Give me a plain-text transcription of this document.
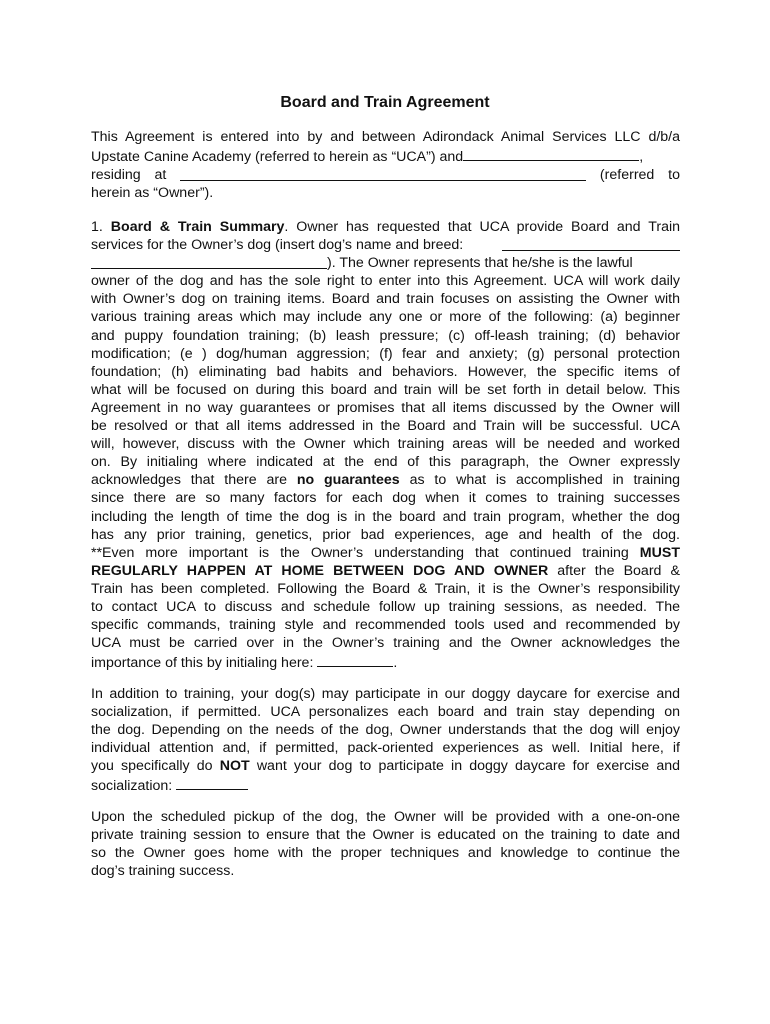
Board and Train Agreement
This Agreement is entered into by and between Adirondack Animal Services LLC d/b/a
Upstate Canine Academy (referred to herein as “UCA”) and	,
residing at	(referred to
herein as “Owner”).
1. Board & Train Summary. Owner has requested that UCA provide Board and Train
services for the Owner’s dog (insert dog’s name and breed:
). The Owner represents that he/she is the lawful
owner of the dog and has the sole right to enter into this Agreement. UCA will work daily
with Owner’s dog on training items. Board and train focuses on assisting the Owner with
various training areas which may include any one or more of the following: (a) beginner
and puppy foundation training; (b) leash pressure; (c) off-leash training; (d) behavior
modification; (e ) dog/human aggression; (f) fear and anxiety; (g) personal protection
foundation; (h) eliminating bad habits and behaviors. However, the specific items of
what will be focused on during this board and train will be set forth in detail below. This
Agreement in no way guarantees or promises that all items discussed by the Owner will
be resolved or that all items addressed in the Board and Train will be successful. UCA
will, however, discuss with the Owner which training areas will be needed and worked
on. By initialing where indicated at the end of this paragraph, the Owner expressly
acknowledges that there are no guarantees as to what is accomplished in training
since there are so many factors for each dog when it comes to training successes
including the length of time the dog is in the board and train program, whether the dog
has any prior training, genetics, prior bad experiences, age and health of the dog.
**Even more important is the Owner’s understanding that continued training MUST
REGULARLY HAPPEN AT HOME BETWEEN DOG AND OWNER after the Board &
Train has been completed. Following the Board & Train, it is the Owner’s responsibility
to contact UCA to discuss and schedule follow up training sessions, as needed. The
specific commands, training style and recommended tools used and recommended by
UCA must be carried over in the Owner’s training and the Owner acknowledges the
importance of this by initialing here:	.
In addition to training, your dog(s) may participate in our doggy daycare for exercise and
socialization, if permitted. UCA personalizes each board and train stay depending on
the dog. Depending on the needs of the dog, Owner understands that the dog will enjoy
individual attention and, if permitted, pack-oriented experiences as well. Initial here, if
you specifically do NOT want your dog to participate in doggy daycare for exercise and
socialization:
Upon the scheduled pickup of the dog, the Owner will be provided with a one-on-one
private training session to ensure that the Owner is educated on the training to date and
so the Owner goes home with the proper techniques and knowledge to continue the
dog’s training success.
